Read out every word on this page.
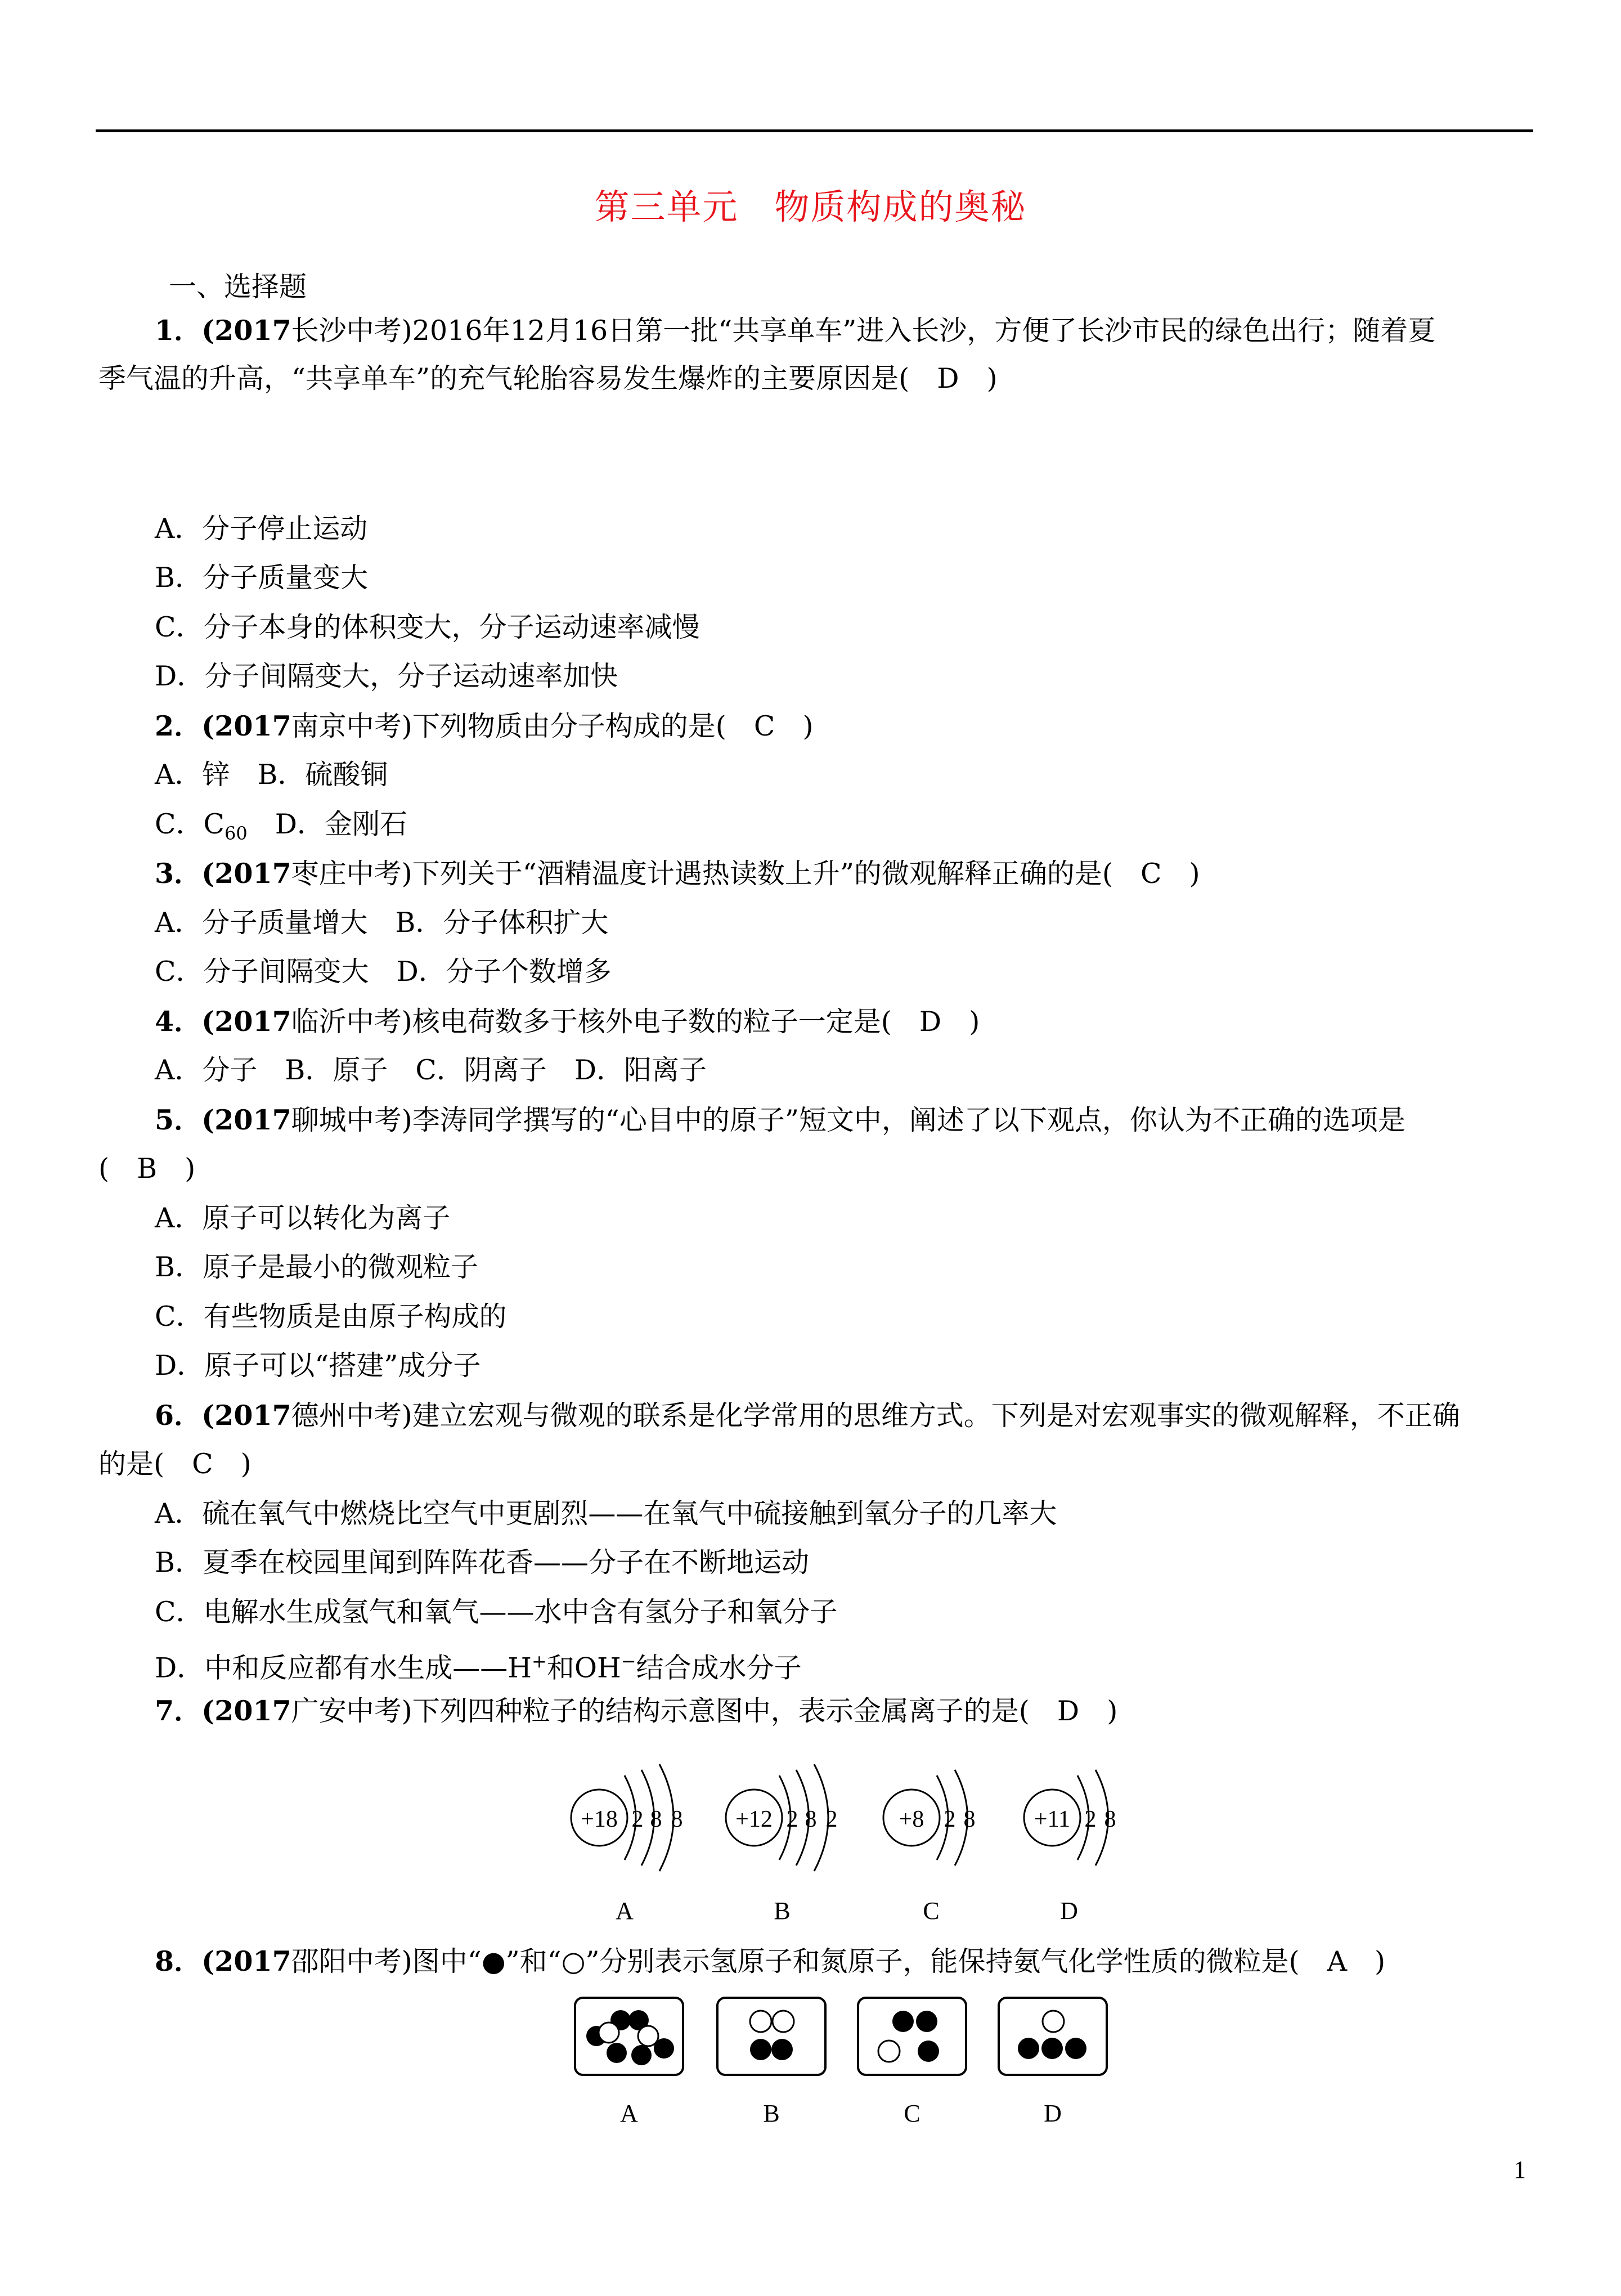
第三单元　物质构成的奥秘
一、选择题
1．(2017长沙中考)2016年12月16日第一批“共享单车”进入长沙，方便了长沙市民的绿色出行；随着夏
季气温的升高，“共享单车”的充气轮胎容易发生爆炸的主要原因是(　D　)
A．分子停止运动
B．分子质量变大
C．分子本身的体积变大，分子运动速率减慢
D．分子间隔变大，分子运动速率加快
2．(2017南京中考)下列物质由分子构成的是(　C　)
A．锌　B．硫酸铜
C．$C_{60}$　D．金刚石
3．(2017枣庄中考)下列关于“酒精温度计遇热读数上升”的微观解释正确的是(　C　)
A．分子质量增大　B．分子体积扩大
C．分子间隔变大　D．分子个数增多
4．(2017临沂中考)核电荷数多于核外电子数的粒子一定是(　D　)
A．分子　B．原子　C．阴离子　D．阳离子
5．(2017聊城中考)李涛同学撰写的“心目中的原子”短文中，阐述了以下观点，你认为不正确的选项是
(　B　)
A．原子可以转化为离子
B．原子是最小的微观粒子
C．有些物质是由原子构成的
D．原子可以“搭建”成分子
6．(2017德州中考)建立宏观与微观的联系是化学常用的思维方式。下列是对宏观事实的微观解释，不正确
的是(　C　)
A．硫在氧气中燃烧比空气中更剧烈——在氧气中硫接触到氧分子的几率大
B．夏季在校园里闻到阵阵花香——分子在不断地运动
C．电解水生成氢气和氧气——水中含有氢分子和氧分子
D．中和反应都有水生成——H+和OH−结合成水分子
7．(2017广安中考)下列四种粒子的结构示意图中，表示金属离子的是(　D　)
+18 2 8 8 +12 2 8 2	+8 2 8 +11 2 8
A	B	C	D
A	B	C	D
8．(2017邵阳中考)图中“●”和“○”分别表示氢原子和氮原子，能保持氨气化学性质的微粒是(　A　)
1
